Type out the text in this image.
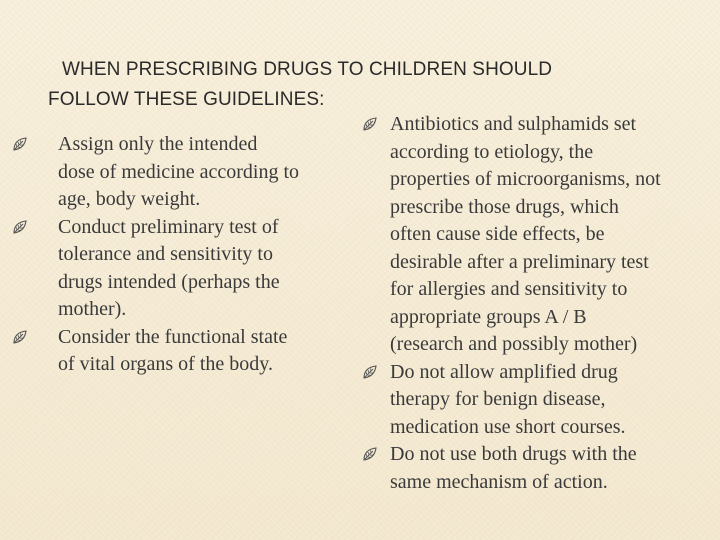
WHEN PRESCRIBING DRUGS TO CHILDREN SHOULD
FOLLOW THESE GUIDELINES:
Assign only the intended
dose of medicine according to
age, body weight.
Conduct preliminary test of
tolerance and sensitivity to
drugs intended (perhaps the
mother).
Consider the functional state
of vital organs of the body.
Antibiotics and sulphamids set
according to etiology, the
properties of microorganisms, not
prescribe those drugs, which
often cause side effects, be
desirable after a preliminary test
for allergies and sensitivity to
appropriate groups A / B
(research and possibly mother)
Do not allow amplified drug
therapy for benign disease,
medication use short courses.
Do not use both drugs with the
same mechanism of action.
